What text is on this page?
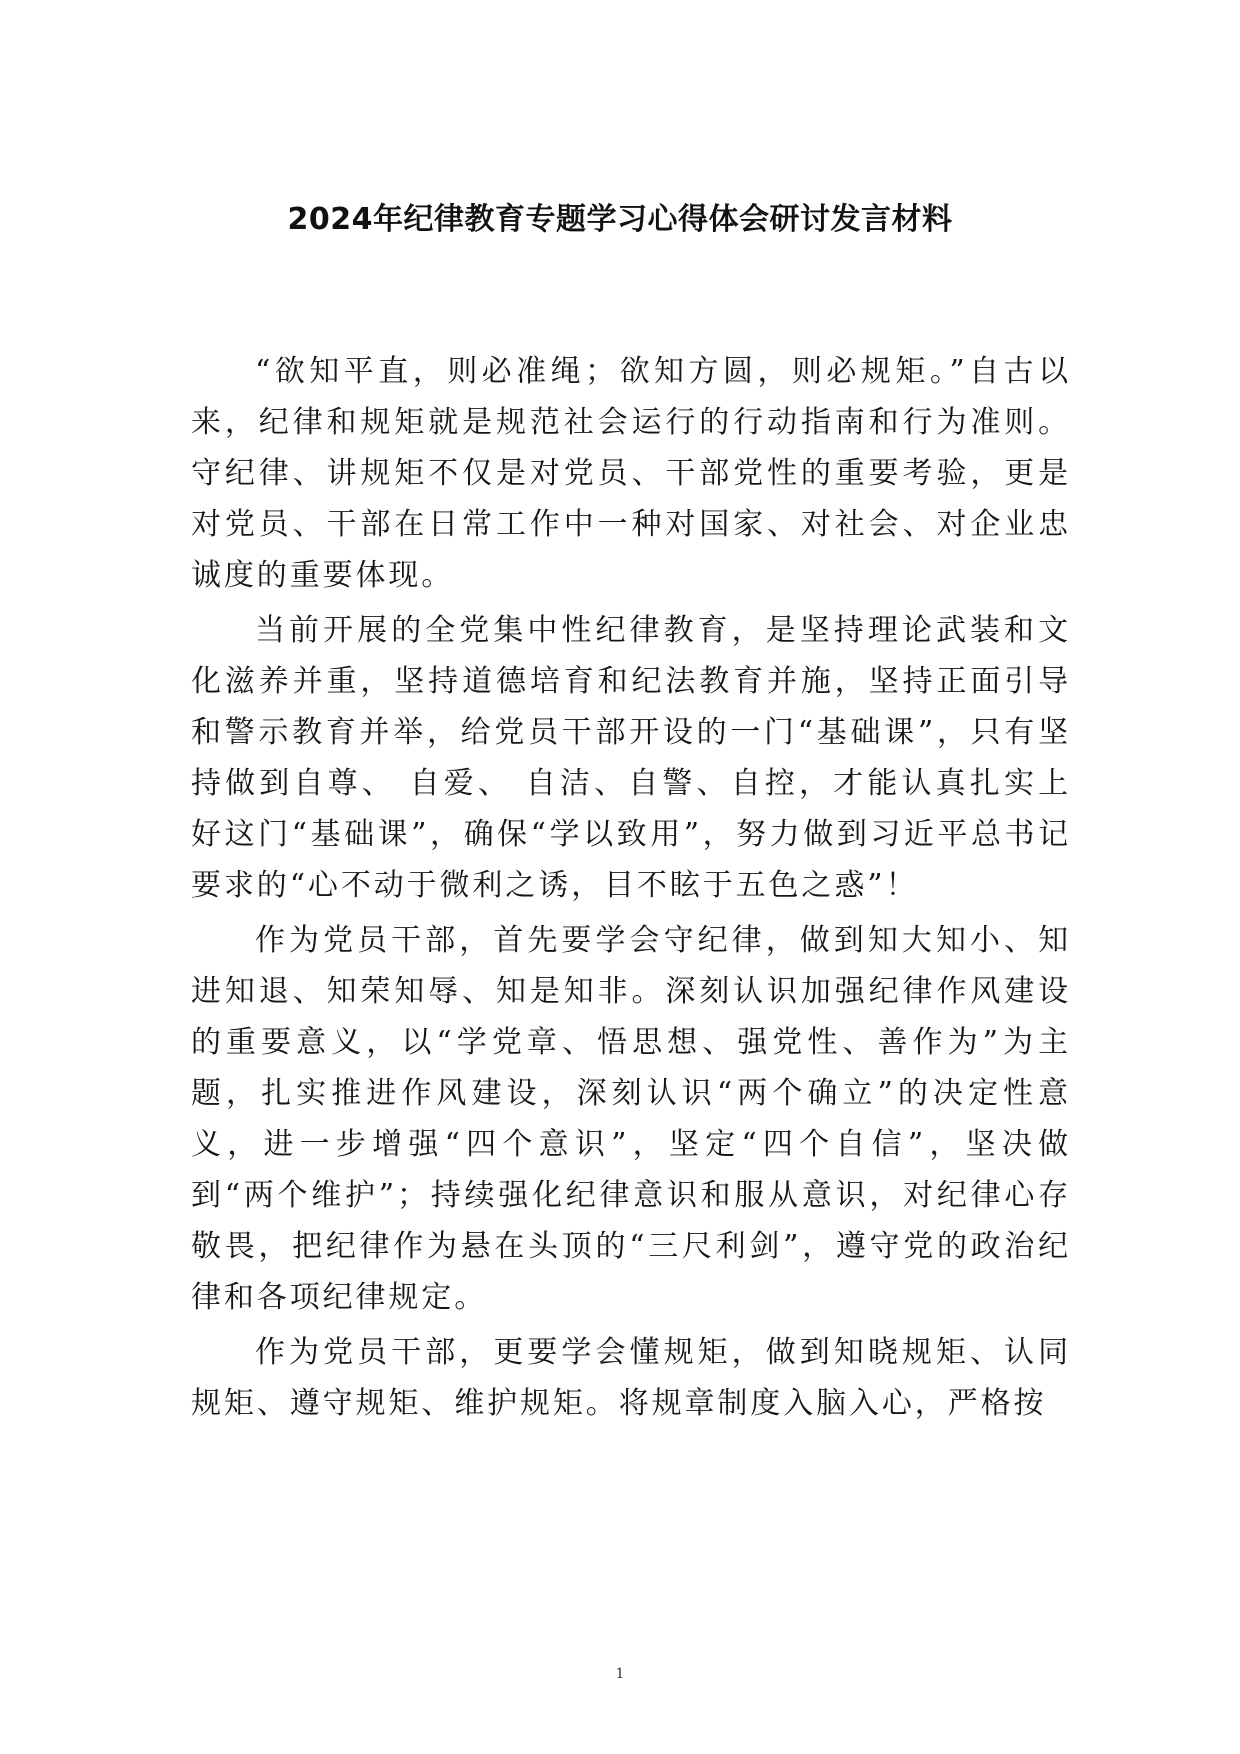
2024年纪律教育专题学习心得体会研讨发言材料

“欲知平直，则必准绳；欲知方圆，则必规矩。”自古以来，纪律和规矩就是规范社会运行的行动指南和行为准则。守纪律、讲规矩不仅是对党员、干部党性的重要考验，更是对党员、干部在日常工作中一种对国家、对社会、对企业忠诚度的重要体现。

当前开展的全党集中性纪律教育，是坚持理论武装和文化滋养并重，坚持道德培育和纪法教育并施，坚持正面引导和警示教育并举，给党员干部开设的一门“基础课”，只有坚持做到自尊、 自爱、 自洁、自警、自控，才能认真扎实上好这门“基础课”，确保“学以致用”，努力做到习近平总书记要求的“心不动于微利之诱，目不眩于五色之惑”！

作为党员干部，首先要学会守纪律，做到知大知小、知进知退、知荣知辱、知是知非。深刻认识加强纪律作风建设的重要意义，以“学党章、悟思想、强党性、善作为”为主题，扎实推进作风建设，深刻认识“两个确立”的决定性意义，进一步增强“四个意识”，坚定“四个自信”，坚决做到“两个维护”；持续强化纪律意识和服从意识，对纪律心存敬畏，把纪律作为悬在头顶的“三尺利剑”，遵守党的政治纪律和各项纪律规定。

作为党员干部，更要学会懂规矩，做到知晓规矩、认同规矩、遵守规矩、维护规矩。将规章制度入脑入心，严格按

1
